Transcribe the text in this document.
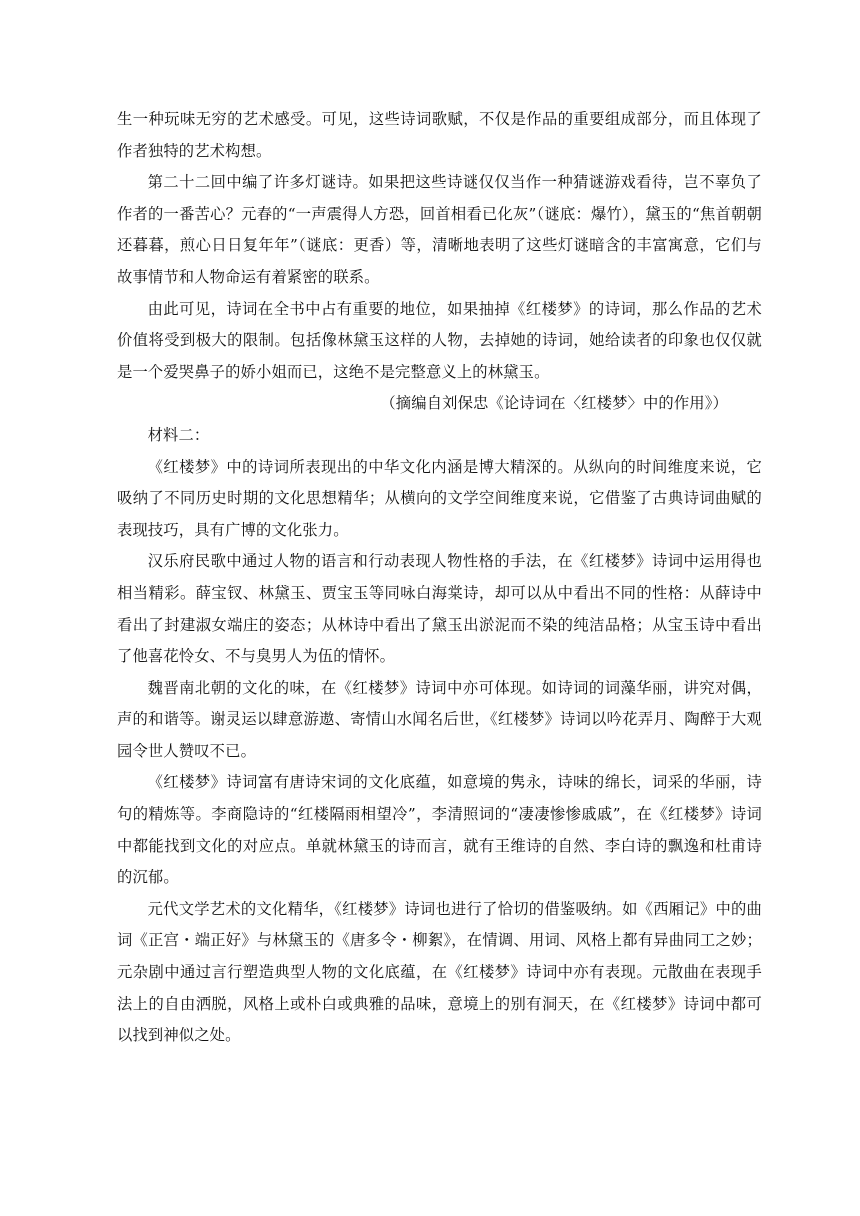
生一种玩味无穷的艺术感受。可见，这些诗词歌赋，不仅是作品的重要组成部分，而且体现了作者独特的艺术构想。

第二十二回中编了许多灯谜诗。如果把这些诗谜仅仅当作一种猜谜游戏看待，岂不辜负了作者的一番苦心？元春的“一声震得人方恐，回首相看已化灰”（谜底：爆竹），黛玉的“焦首朝朝还暮暮，煎心日日复年年”（谜底：更香）等，清晰地表明了这些灯谜暗含的丰富寓意，它们与故事情节和人物命运有着紧密的联系。

由此可见，诗词在全书中占有重要的地位，如果抽掉《红楼梦》的诗词，那么作品的艺术价值将受到极大的限制。包括像林黛玉这样的人物，去掉她的诗词，她给读者的印象也仅仅就是一个爱哭鼻子的娇小姐而已，这绝不是完整意义上的林黛玉。

（摘编自刘保忠《论诗词在〈红楼梦〉中的作用》）

材料二：

《红楼梦》中的诗词所表现出的中华文化内涵是博大精深的。从纵向的时间维度来说，它吸纳了不同历史时期的文化思想精华；从横向的文学空间维度来说，它借鉴了古典诗词曲赋的表现技巧，具有广博的文化张力。

汉乐府民歌中通过人物的语言和行动表现人物性格的手法，在《红楼梦》诗词中运用得也相当精彩。薛宝钗、林黛玉、贾宝玉等同咏白海棠诗，却可以从中看出不同的性格：从薛诗中看出了封建淑女端庄的姿态；从林诗中看出了黛玉出淤泥而不染的纯洁品格；从宝玉诗中看出了他喜花怜女、不与臭男人为伍的情怀。

魏晋南北朝的文化的味，在《红楼梦》诗词中亦可体现。如诗词的词藻华丽，讲究对偶，声的和谐等。谢灵运以肆意游遨、寄情山水闻名后世，《红楼梦》诗词以吟花弄月、陶醉于大观园令世人赞叹不已。

《红楼梦》诗词富有唐诗宋词的文化底蕴，如意境的隽永，诗味的绵长，词采的华丽，诗句的精炼等。李商隐诗的“红楼隔雨相望冷”，李清照词的“凄凄惨惨戚戚”，在《红楼梦》诗词中都能找到文化的对应点。单就林黛玉的诗而言，就有王维诗的自然、李白诗的飘逸和杜甫诗的沉郁。

元代文学艺术的文化精华，《红楼梦》诗词也进行了恰切的借鉴吸纳。如《西厢记》中的曲词《正宫・端正好》与林黛玉的《唐多令・柳絮》，在情调、用词、风格上都有异曲同工之妙；元杂剧中通过言行塑造典型人物的文化底蕴，在《红楼梦》诗词中亦有表现。元散曲在表现手法上的自由洒脱，风格上或朴白或典雅的品味，意境上的别有洞天，在《红楼梦》诗词中都可以找到神似之处。
